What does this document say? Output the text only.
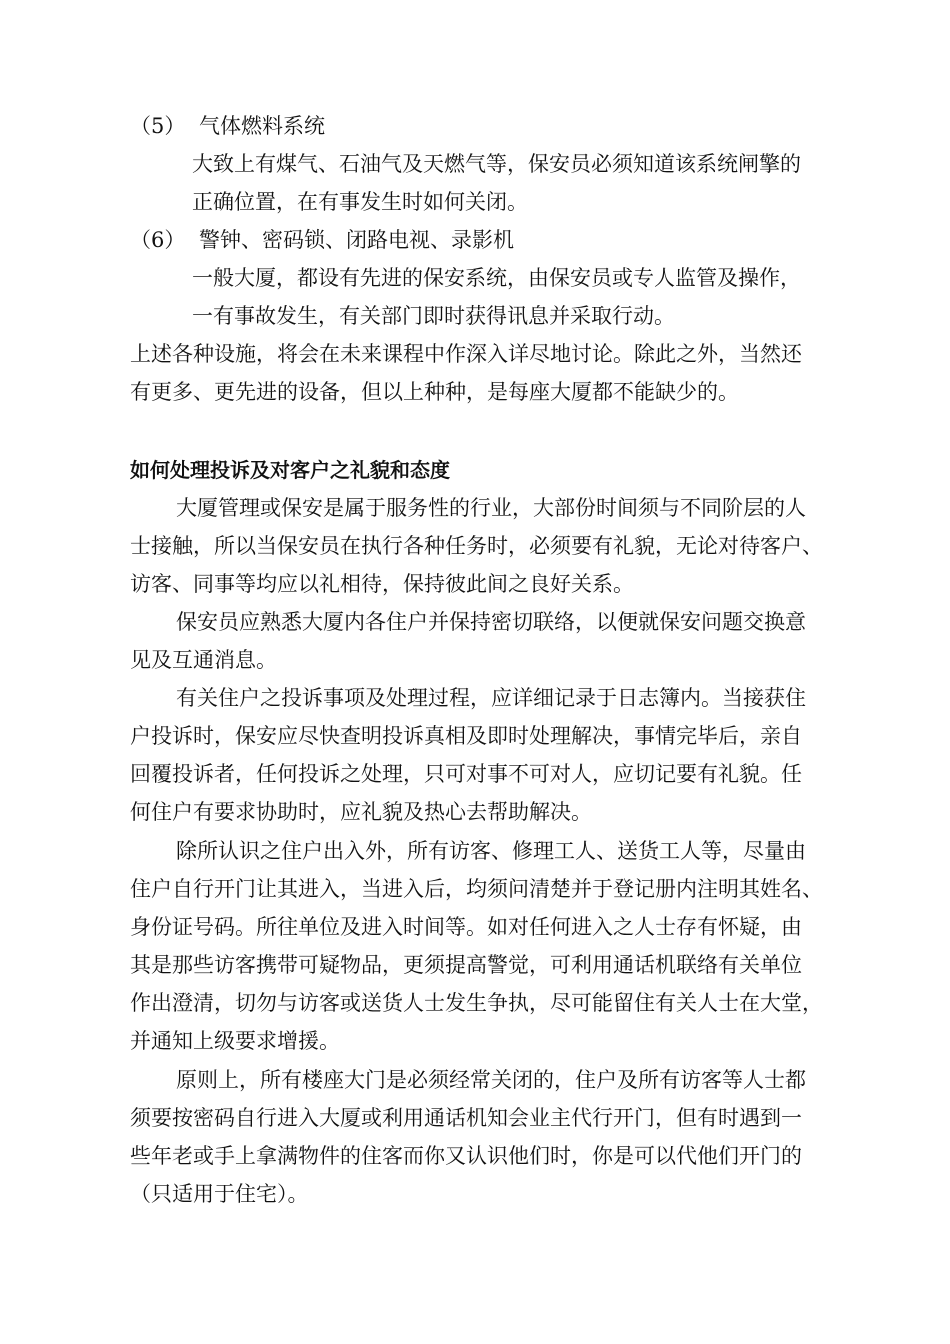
（5） 气体燃料系统
大致上有煤气、石油气及天燃气等，保安员必须知道该系统闸擎的
正确位置，在有事发生时如何关闭。
（6） 警钟、密码锁、闭路电视、录影机
一般大厦，都设有先进的保安系统，由保安员或专人监管及操作，
一有事故发生，有关部门即时获得讯息并采取行动。
上述各种设施，将会在未来课程中作深入详尽地讨论。除此之外，当然还
有更多、更先进的设备，但以上种种，是每座大厦都不能缺少的。
如何处理投诉及对客户之礼貌和态度
大厦管理或保安是属于服务性的行业，大部份时间须与不同阶层的人
士接触，所以当保安员在执行各种任务时，必须要有礼貌，无论对待客户、
访客、同事等均应以礼相待，保持彼此间之良好关系。
保安员应熟悉大厦内各住户并保持密切联络，以便就保安问题交换意
见及互通消息。
有关住户之投诉事项及处理过程，应详细记录于日志簿内。当接获住
户投诉时，保安应尽快查明投诉真相及即时处理解决，事情完毕后，亲自
回覆投诉者，任何投诉之处理，只可对事不可对人，应切记要有礼貌。任
何住户有要求协助时，应礼貌及热心去帮助解决。
除所认识之住户出入外，所有访客、修理工人、送货工人等，尽量由
住户自行开门让其进入，当进入后，均须问清楚并于登记册内注明其姓名、
身份证号码。所往单位及进入时间等。如对任何进入之人士存有怀疑，由
其是那些访客携带可疑物品，更须提高警觉，可利用通话机联络有关单位
作出澄清，切勿与访客或送货人士发生争执，尽可能留住有关人士在大堂，
并通知上级要求增援。
原则上，所有楼座大门是必须经常关闭的，住户及所有访客等人士都
须要按密码自行进入大厦或利用通话机知会业主代行开门，但有时遇到一
些年老或手上拿满物件的住客而你又认识他们时，你是可以代他们开门的
（只适用于住宅）。
